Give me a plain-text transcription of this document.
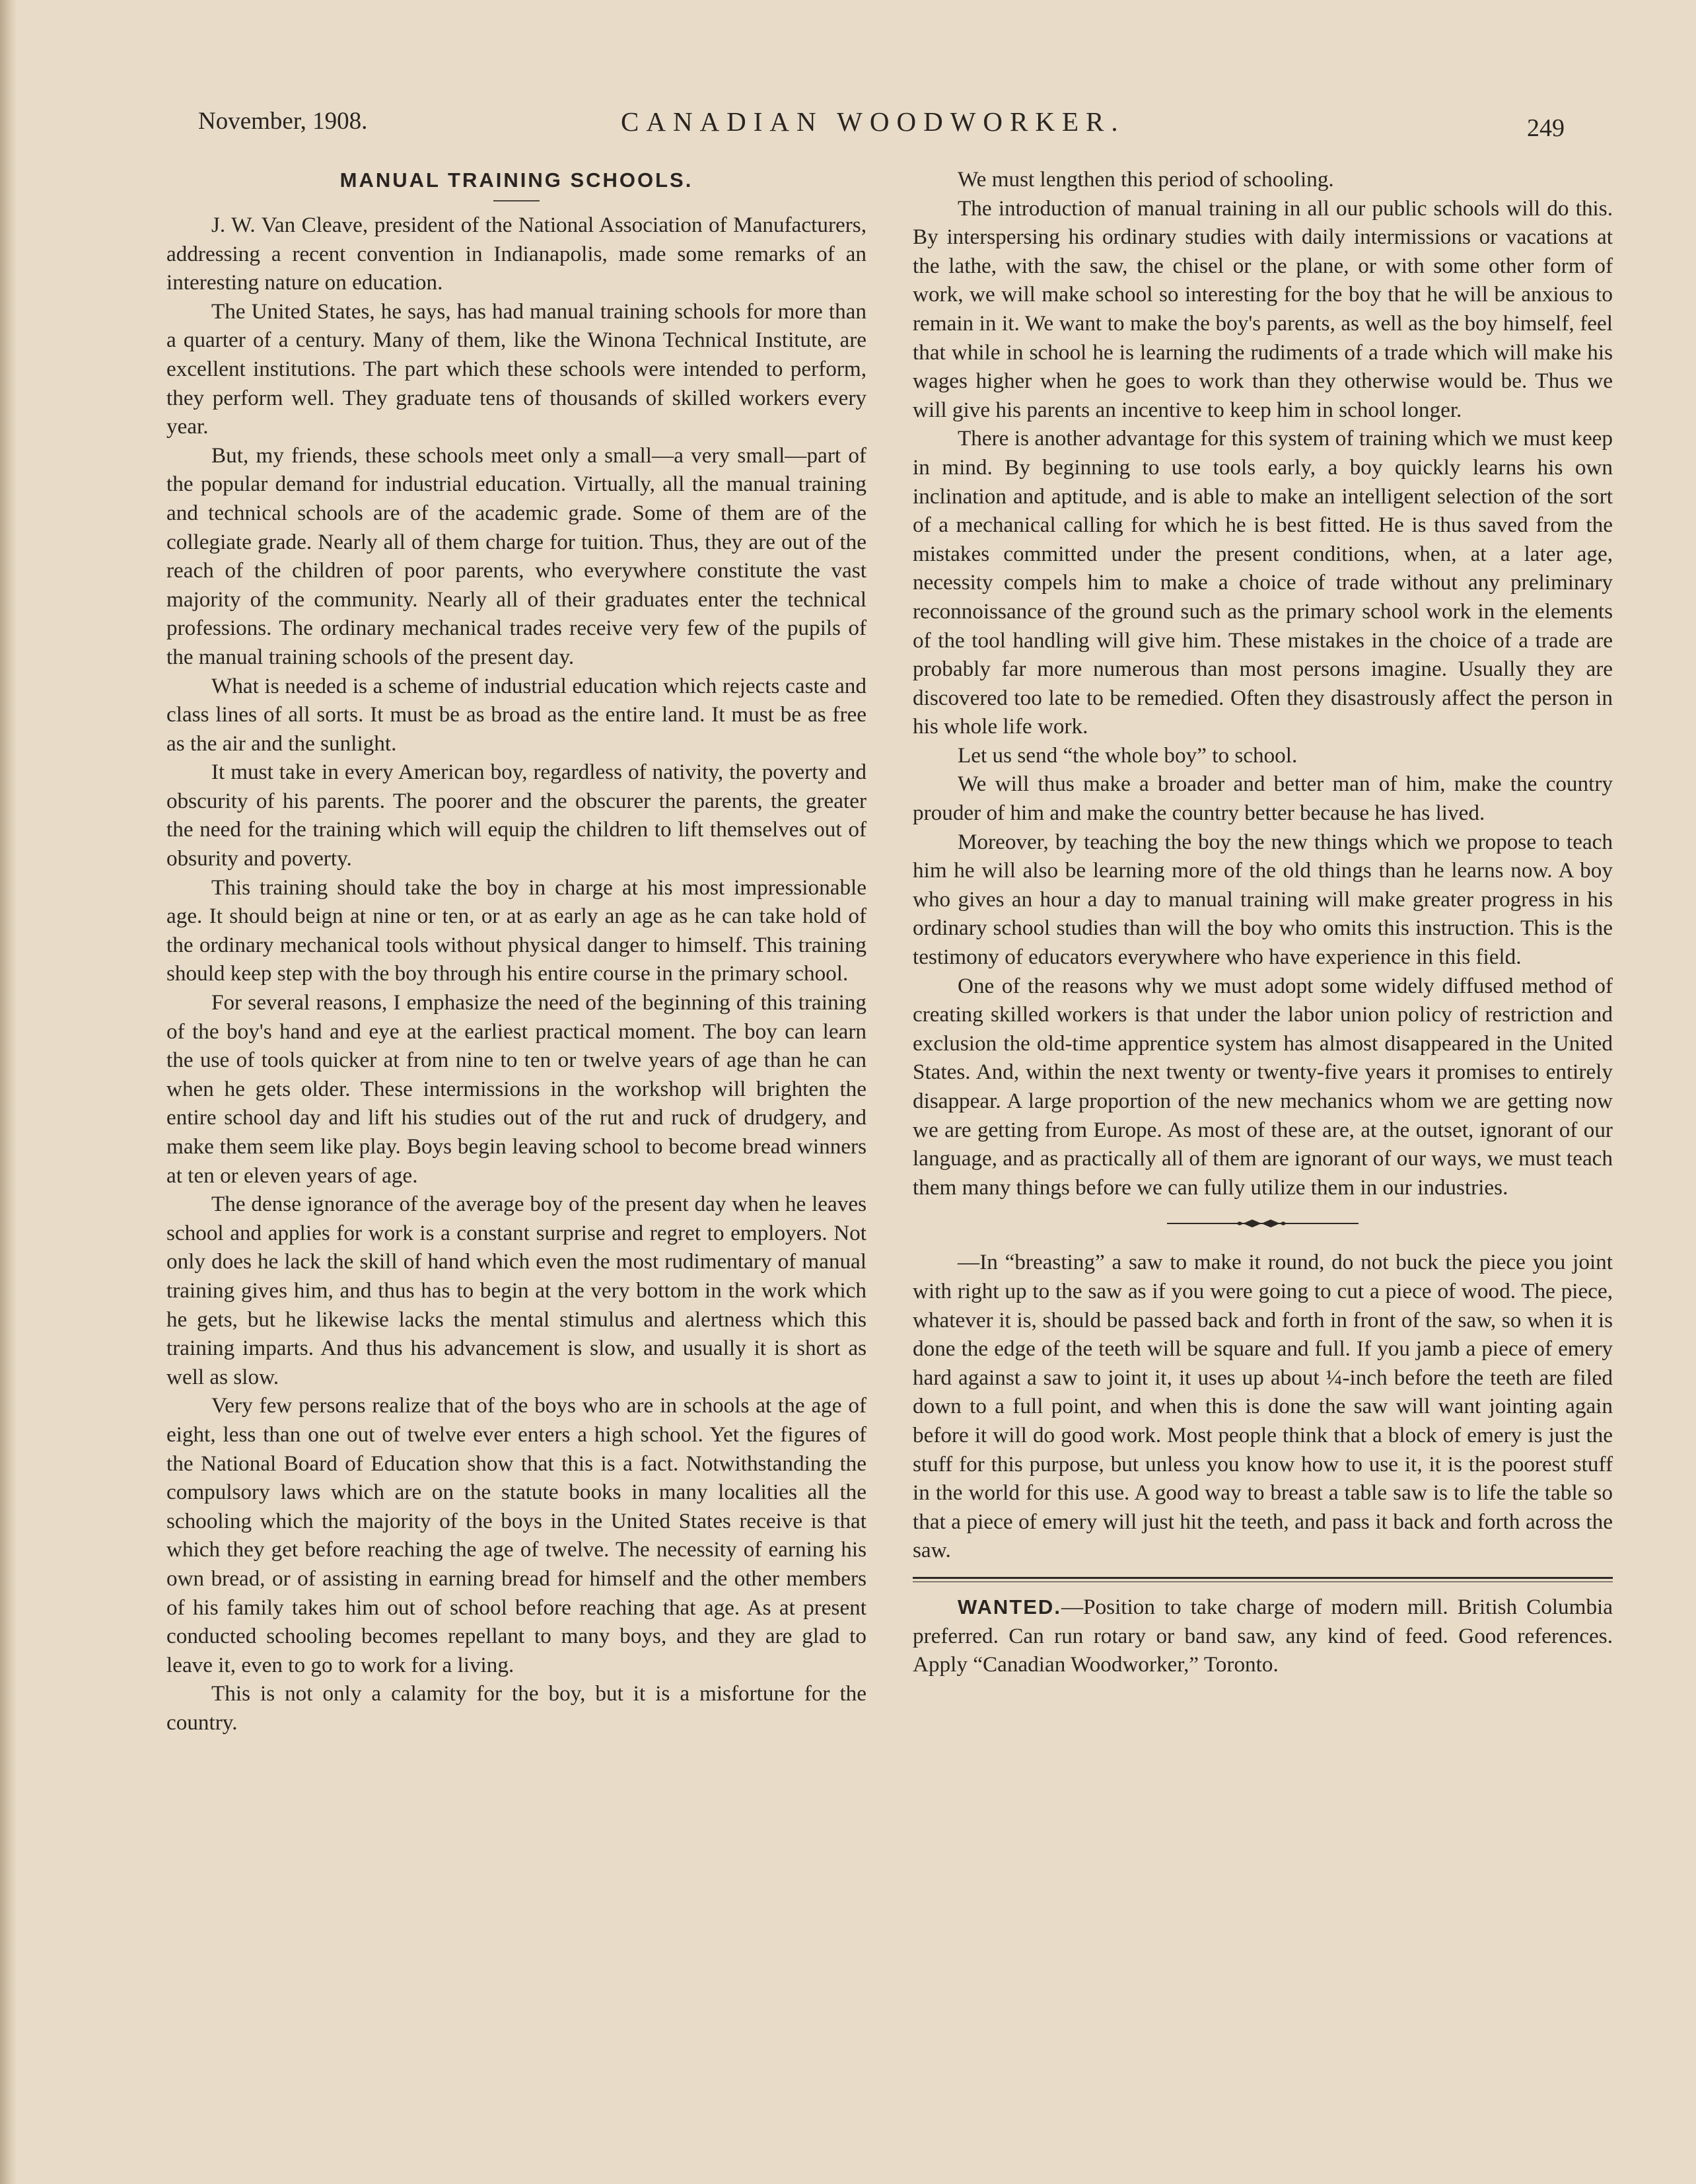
November, 1908.	CANADIAN WOODWORKER.	249
MANUAL TRAINING SCHOOLS.

J. W. Van Cleave, president of the National Association of Manufacturers, addressing a recent convention in Indianapolis, made some remarks of an interesting nature on education.

The United States, he says, has had manual training schools for more than a quarter of a century. Many of them, like the Winona Technical Institute, are excellent institutions. The part which these schools were intended to perform, they perform well. They graduate tens of thousands of skilled workers every year.

But, my friends, these schools meet only a small—a very small—part of the popular demand for industrial education. Virtually, all the manual training and technical schools are of the academic grade. Some of them are of the collegiate grade. Nearly all of them charge for tuition. Thus, they are out of the reach of the children of poor parents, who everywhere constitute the vast majority of the community. Nearly all of their graduates enter the technical professions. The ordinary mechanical trades receive very few of the pupils of the manual training schools of the present day.

What is needed is a scheme of industrial education which rejects caste and class lines of all sorts. It must be as broad as the entire land. It must be as free as the air and the sunlight.

It must take in every American boy, regardless of nativity, the poverty and obscurity of his parents. The poorer and the obscurer the parents, the greater the need for the training which will equip the children to lift themselves out of obsurity and poverty.

This training should take the boy in charge at his most impressionable age. It should beign at nine or ten, or at as early an age as he can take hold of the ordinary mechanical tools without physical danger to himself. This training should keep step with the boy through his entire course in the primary school.

For several reasons, I emphasize the need of the beginning of this training of the boy's hand and eye at the earliest practical moment. The boy can learn the use of tools quicker at from nine to ten or twelve years of age than he can when he gets older. These intermissions in the workshop will brighten the entire school day and lift his studies out of the rut and ruck of drudgery, and make them seem like play. Boys begin leaving school to become bread winners at ten or eleven years of age.

The dense ignorance of the average boy of the present day when he leaves school and applies for work is a constant surprise and regret to employers. Not only does he lack the skill of hand which even the most rudimentary of manual training gives him, and thus has to begin at the very bottom in the work which he gets, but he likewise lacks the mental stimulus and alertness which this training imparts. And thus his advancement is slow, and usually it is short as well as slow.

Very few persons realize that of the boys who are in schools at the age of eight, less than one out of twelve ever enters a high school. Yet the figures of the National Board of Education show that this is a fact. Notwithstanding the compulsory laws which are on the statute books in many localities all the schooling which the majority of the boys in the United States receive is that which they get before reaching the age of twelve. The necessity of earning his own bread, or of assisting in earning bread for himself and the other members of his family takes him out of school before reaching that age. As at present conducted schooling becomes repellant to many boys, and they are glad to leave it, even to go to work for a living.

This is not only a calamity for the boy, but it is a misfortune for the country.

We must lengthen this period of schooling.

The introduction of manual training in all our public schools will do this. By interspersing his ordinary studies with daily intermissions or vacations at the lathe, with the saw, the chisel or the plane, or with some other form of work, we will make school so interesting for the boy that he will be anxious to remain in it. We want to make the boy's parents, as well as the boy himself, feel that while in school he is learning the rudiments of a trade which will make his wages higher when he goes to work than they otherwise would be. Thus we will give his parents an incentive to keep him in school longer.

There is another advantage for this system of training which we must keep in mind. By beginning to use tools early, a boy quickly learns his own inclination and aptitude, and is able to make an intelligent selection of the sort of a mechanical calling for which he is best fitted. He is thus saved from the mistakes committed under the present conditions, when, at a later age, necessity compels him to make a choice of trade without any preliminary reconnoissance of the ground such as the primary school work in the elements of the tool handling will give him. These mistakes in the choice of a trade are probably far more numerous than most persons imagine. Usually they are discovered too late to be remedied. Often they disastrously affect the person in his whole life work.

Let us send “the whole boy” to school.

We will thus make a broader and better man of him, make the country prouder of him and make the country better because he has lived.

Moreover, by teaching the boy the new things which we propose to teach him he will also be learning more of the old things than he learns now. A boy who gives an hour a day to manual training will make greater progress in his ordinary school studies than will the boy who omits this instruction. This is the testimony of educators everywhere who have experience in this field.

One of the reasons why we must adopt some widely diffused method of creating skilled workers is that under the labor union policy of restriction and exclusion the old-time apprentice system has almost disappeared in the United States. And, within the next twenty or twenty-five years it promises to entirely disappear. A large proportion of the new mechanics whom we are getting now we are getting from Europe. As most of these are, at the outset, ignorant of our language, and as practically all of them are ignorant of our ways, we must teach them many things before we can fully utilize them in our industries.

—In “breasting” a saw to make it round, do not buck the piece you joint with right up to the saw as if you were going to cut a piece of wood. The piece, whatever it is, should be passed back and forth in front of the saw, so when it is done the edge of the teeth will be square and full. If you jamb a piece of emery hard against a saw to joint it, it uses up about ¼-inch before the teeth are filed down to a full point, and when this is done the saw will want jointing again before it will do good work. Most people think that a block of emery is just the stuff for this purpose, but unless you know how to use it, it is the poorest stuff in the world for this use. A good way to breast a table saw is to life the table so that a piece of emery will just hit the teeth, and pass it back and forth across the saw.

WANTED.—Position to take charge of modern mill. British Columbia preferred. Can run rotary or band saw, any kind of feed. Good references. Apply “Canadian Woodworker,” Toronto.
